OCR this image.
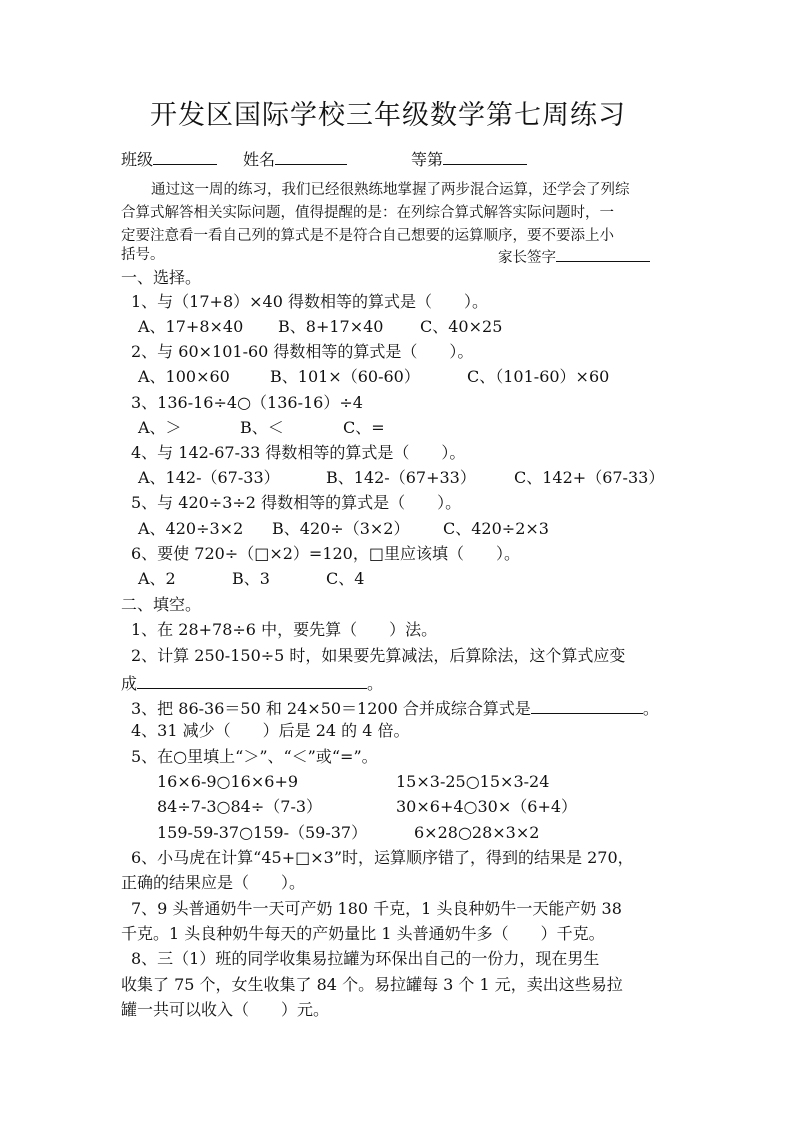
开发区国际学校三年级数学第七周练习
班级	姓名	等第
通过这一周的练习，我们已经很熟练地掌握了两步混合运算，还学会了列综
合算式解答相关实际问题，值得提醒的是：在列综合算式解答实际问题时，一
定要注意看一看自己列的算式是不是符合自己想要的运算顺序，要不要添上小
括号。	家长签字
一、选择。
1、与（17+8）×40 得数相等的算式是（　　）。
A、17+8×40 B、8+17×40 C、40×25
2、与 60×101-60 得数相等的算式是（　　）。
A、100×60	B、101×（60-60）	C、（101-60）×60
3、136-16÷4○（136-16）÷4
A、＞	B、＜	C、=
4、与 142-67-33 得数相等的算式是（　　）。
A、142-（67-33）	B、142-（67+33） C、142+（67-33）
5、与 420÷3÷2 得数相等的算式是（　　）。
A、420÷3×2 B、420÷（3×2） C、420÷2×3
6、要使 720÷（□×2）=120，□里应该填（　　）。
A、2	B、3	C、4
二、填空。
1、在 28+78÷6 中，要先算（　　）法。
2、计算 250-150÷5 时，如果要先算减法，后算除法，这个算式应变
成	。
3、把 86-36＝50 和 24×50＝1200 合并成综合算式是	。
4、31 减少（　　）后是 24 的 4 倍。
5、在○里填上“＞”、“＜”或“=”。
16×6-9○16×6+9	15×3-25○15×3-24
84÷7-3○84÷（7-3）	30×6+4○30×（6+4）
159-59-37○159-（59-37）	6×28○28×3×2
6、小马虎在计算“45+□×3”时，运算顺序错了，得到的结果是 270，
正确的结果应是（　　）。
7、9 头普通奶牛一天可产奶 180 千克，1 头良种奶牛一天能产奶 38
千克。1 头良种奶牛每天的产奶量比 1 头普通奶牛多（　　）千克。
8、三（1）班的同学收集易拉罐为环保出自己的一份力，现在男生
收集了 75 个，女生收集了 84 个。易拉罐每 3 个 1 元，卖出这些易拉
罐一共可以收入（　　）元。
